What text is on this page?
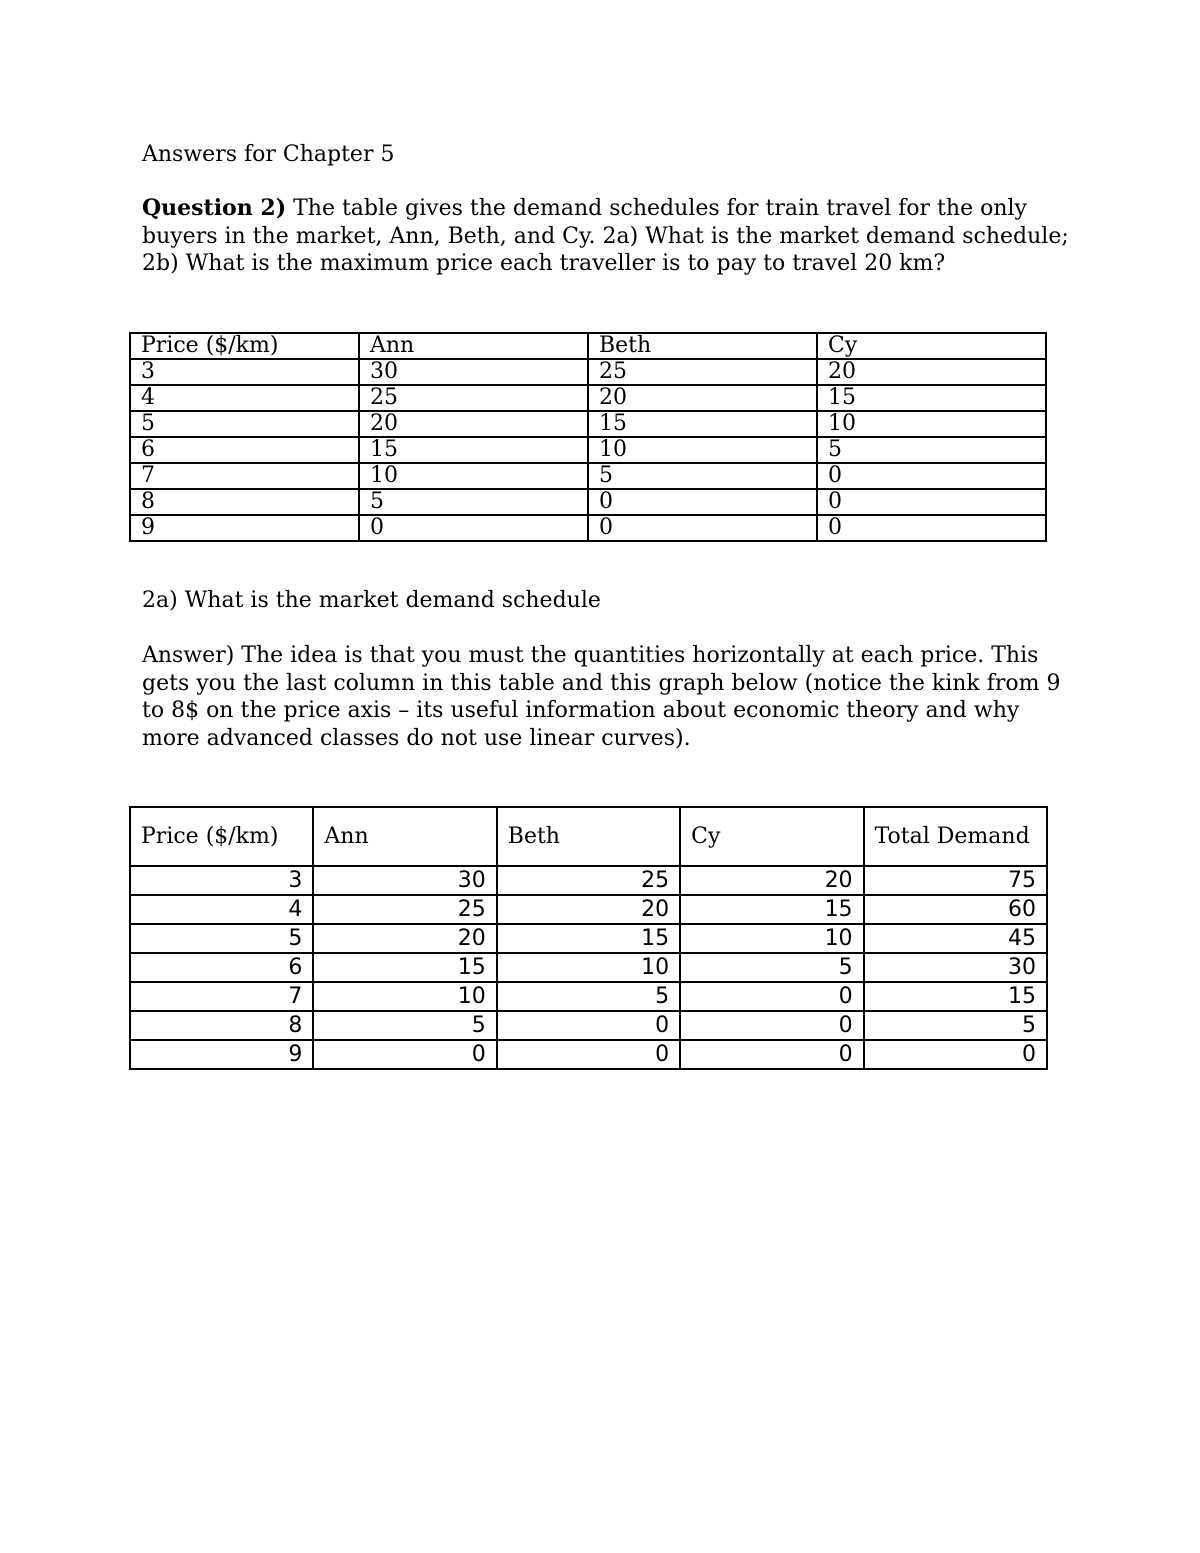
Answers for Chapter 5
Question 2) The table gives the demand schedules for train travel for the only buyers in the market, Ann, Beth, and Cy. 2a) What is the market demand schedule; 2b) What is the maximum price each traveller is to pay to travel 20 km?
Price ($/km)	Ann	Beth	Cy
3	30	25	20
4	25	20	15
5	20	15	10
6	15	10	5
7	10	5	0
8	5	0	0
9	0	0	0
2a) What is the market demand schedule
Answer) The idea is that you must the quantities horizontally at each price. This gets you the last column in this table and this graph below (notice the kink from 9 to 8$ on the price axis – its useful information about economic theory and why more advanced classes do not use linear curves).
Price ($/km)	Ann	Beth	Cy	Total Demand
3	30	25	20	75
4	25	20	15	60
5	20	15	10	45
6	15	10	5	30
7	10	5	0	15
8	5	0	0	5
9	0	0	0	0
